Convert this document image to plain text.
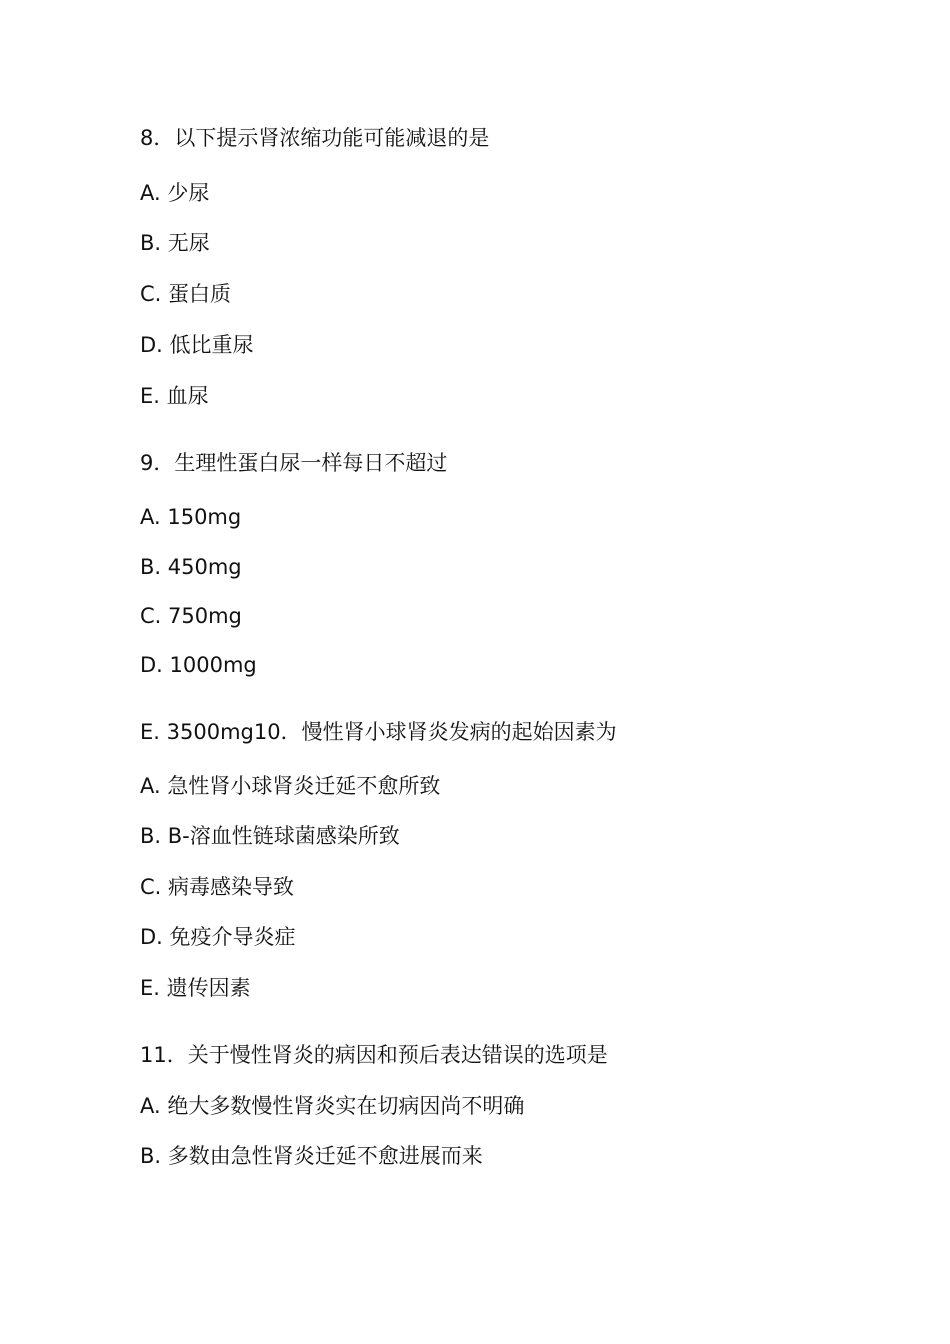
8．以下提示肾浓缩功能可能减退的是
A. 少尿
B. 无尿
C. 蛋白质
D. 低比重尿
E. 血尿
9．生理性蛋白尿一样每日不超过
A. 150mg
B. 450mg
C. 750mg
D. 1000mg
E. 3500mg10．慢性肾小球肾炎发病的起始因素为
A. 急性肾小球肾炎迁延不愈所致
B. B-溶血性链球菌感染所致
C. 病毒感染导致
D. 免疫介导炎症
E. 遗传因素
11．关于慢性肾炎的病因和预后表达错误的选项是
A. 绝大多数慢性肾炎实在切病因尚不明确
B. 多数由急性肾炎迁延不愈进展而来
